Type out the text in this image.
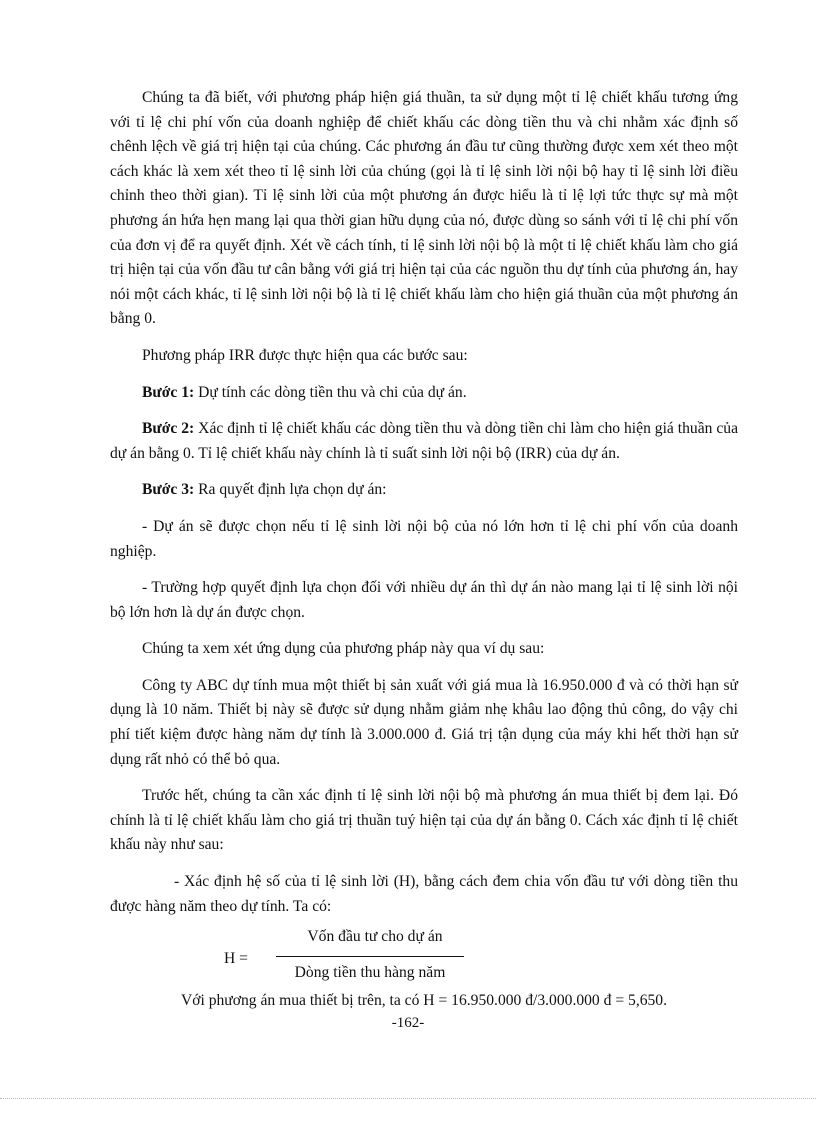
Chúng ta đã biết, với phương pháp hiện giá thuần, ta sử dụng một tỉ lệ chiết khấu tương ứng với tỉ lệ chi phí vốn của doanh nghiệp để chiết khấu các dòng tiền thu và chi nhằm xác định số chênh lệch về giá trị hiện tại của chúng. Các phương án đầu tư cũng thường được xem xét theo một cách khác là xem xét theo tỉ lệ sinh lời của chúng (gọi là tỉ lệ sinh lời nội bộ hay tỉ lệ sinh lời điều chỉnh theo thời gian). Tỉ lệ sinh lời của một phương án được hiểu là tỉ lệ lợi tức thực sự mà một phương án hứa hẹn mang lại qua thời gian hữu dụng của nó, được dùng so sánh với tỉ lệ chi phí vốn của đơn vị để ra quyết định. Xét về cách tính, tỉ lệ sinh lời nội bộ là một tỉ lệ chiết khấu làm cho giá trị hiện tại của vốn đầu tư cân bằng với giá trị hiện tại của các nguồn thu dự tính của phương án, hay nói một cách khác, tỉ lệ sinh lời nội bộ là tỉ lệ chiết khấu làm cho hiện giá thuần của một phương án bằng 0.

Phương pháp IRR được thực hiện qua các bước sau:

Bước 1: Dự tính các dòng tiền thu và chi của dự án.

Bước 2: Xác định tỉ lệ chiết khấu các dòng tiền thu và dòng tiền chi làm cho hiện giá thuần của dự án bằng 0. Tỉ lệ chiết khấu này chính là tỉ suất sinh lời nội bộ (IRR) của dự án.

Bước 3: Ra quyết định lựa chọn dự án:

- Dự án sẽ được chọn nếu tỉ lệ sinh lời nội bộ của nó lớn hơn tỉ lệ chi phí vốn của doanh nghiệp.

- Trường hợp quyết định lựa chọn đối với nhiều dự án thì dự án nào mang lại tỉ lệ sinh lời nội bộ lớn hơn là dự án được chọn.

Chúng ta xem xét ứng dụng của phương pháp này qua ví dụ sau:

Công ty ABC dự tính mua một thiết bị sản xuất với giá mua là 16.950.000 đ và có thời hạn sử dụng là 10 năm. Thiết bị này sẽ được sử dụng nhằm giảm nhẹ khâu lao động thủ công, do vậy chi phí tiết kiệm được hàng năm dự tính là 3.000.000 đ. Giá trị tận dụng của máy khi hết thời hạn sử dụng rất nhỏ có thể bỏ qua.

Trước hết, chúng ta cần xác định tỉ lệ sinh lời nội bộ mà phương án mua thiết bị đem lại. Đó chính là tỉ lệ chiết khấu làm cho giá trị thuần tuý hiện tại của dự án bằng 0. Cách xác định tỉ lệ chiết khấu này như sau:

- Xác định hệ số của tỉ lệ sinh lời (H), bằng cách đem chia vốn đầu tư với dòng tiền thu được hàng năm theo dự tính. Ta có:

H =
Vốn đầu tư cho dự án
Dòng tiền thu hàng năm

Với phương án mua thiết bị trên, ta có H = 16.950.000 đ/3.000.000 đ = 5,650.

-162-
